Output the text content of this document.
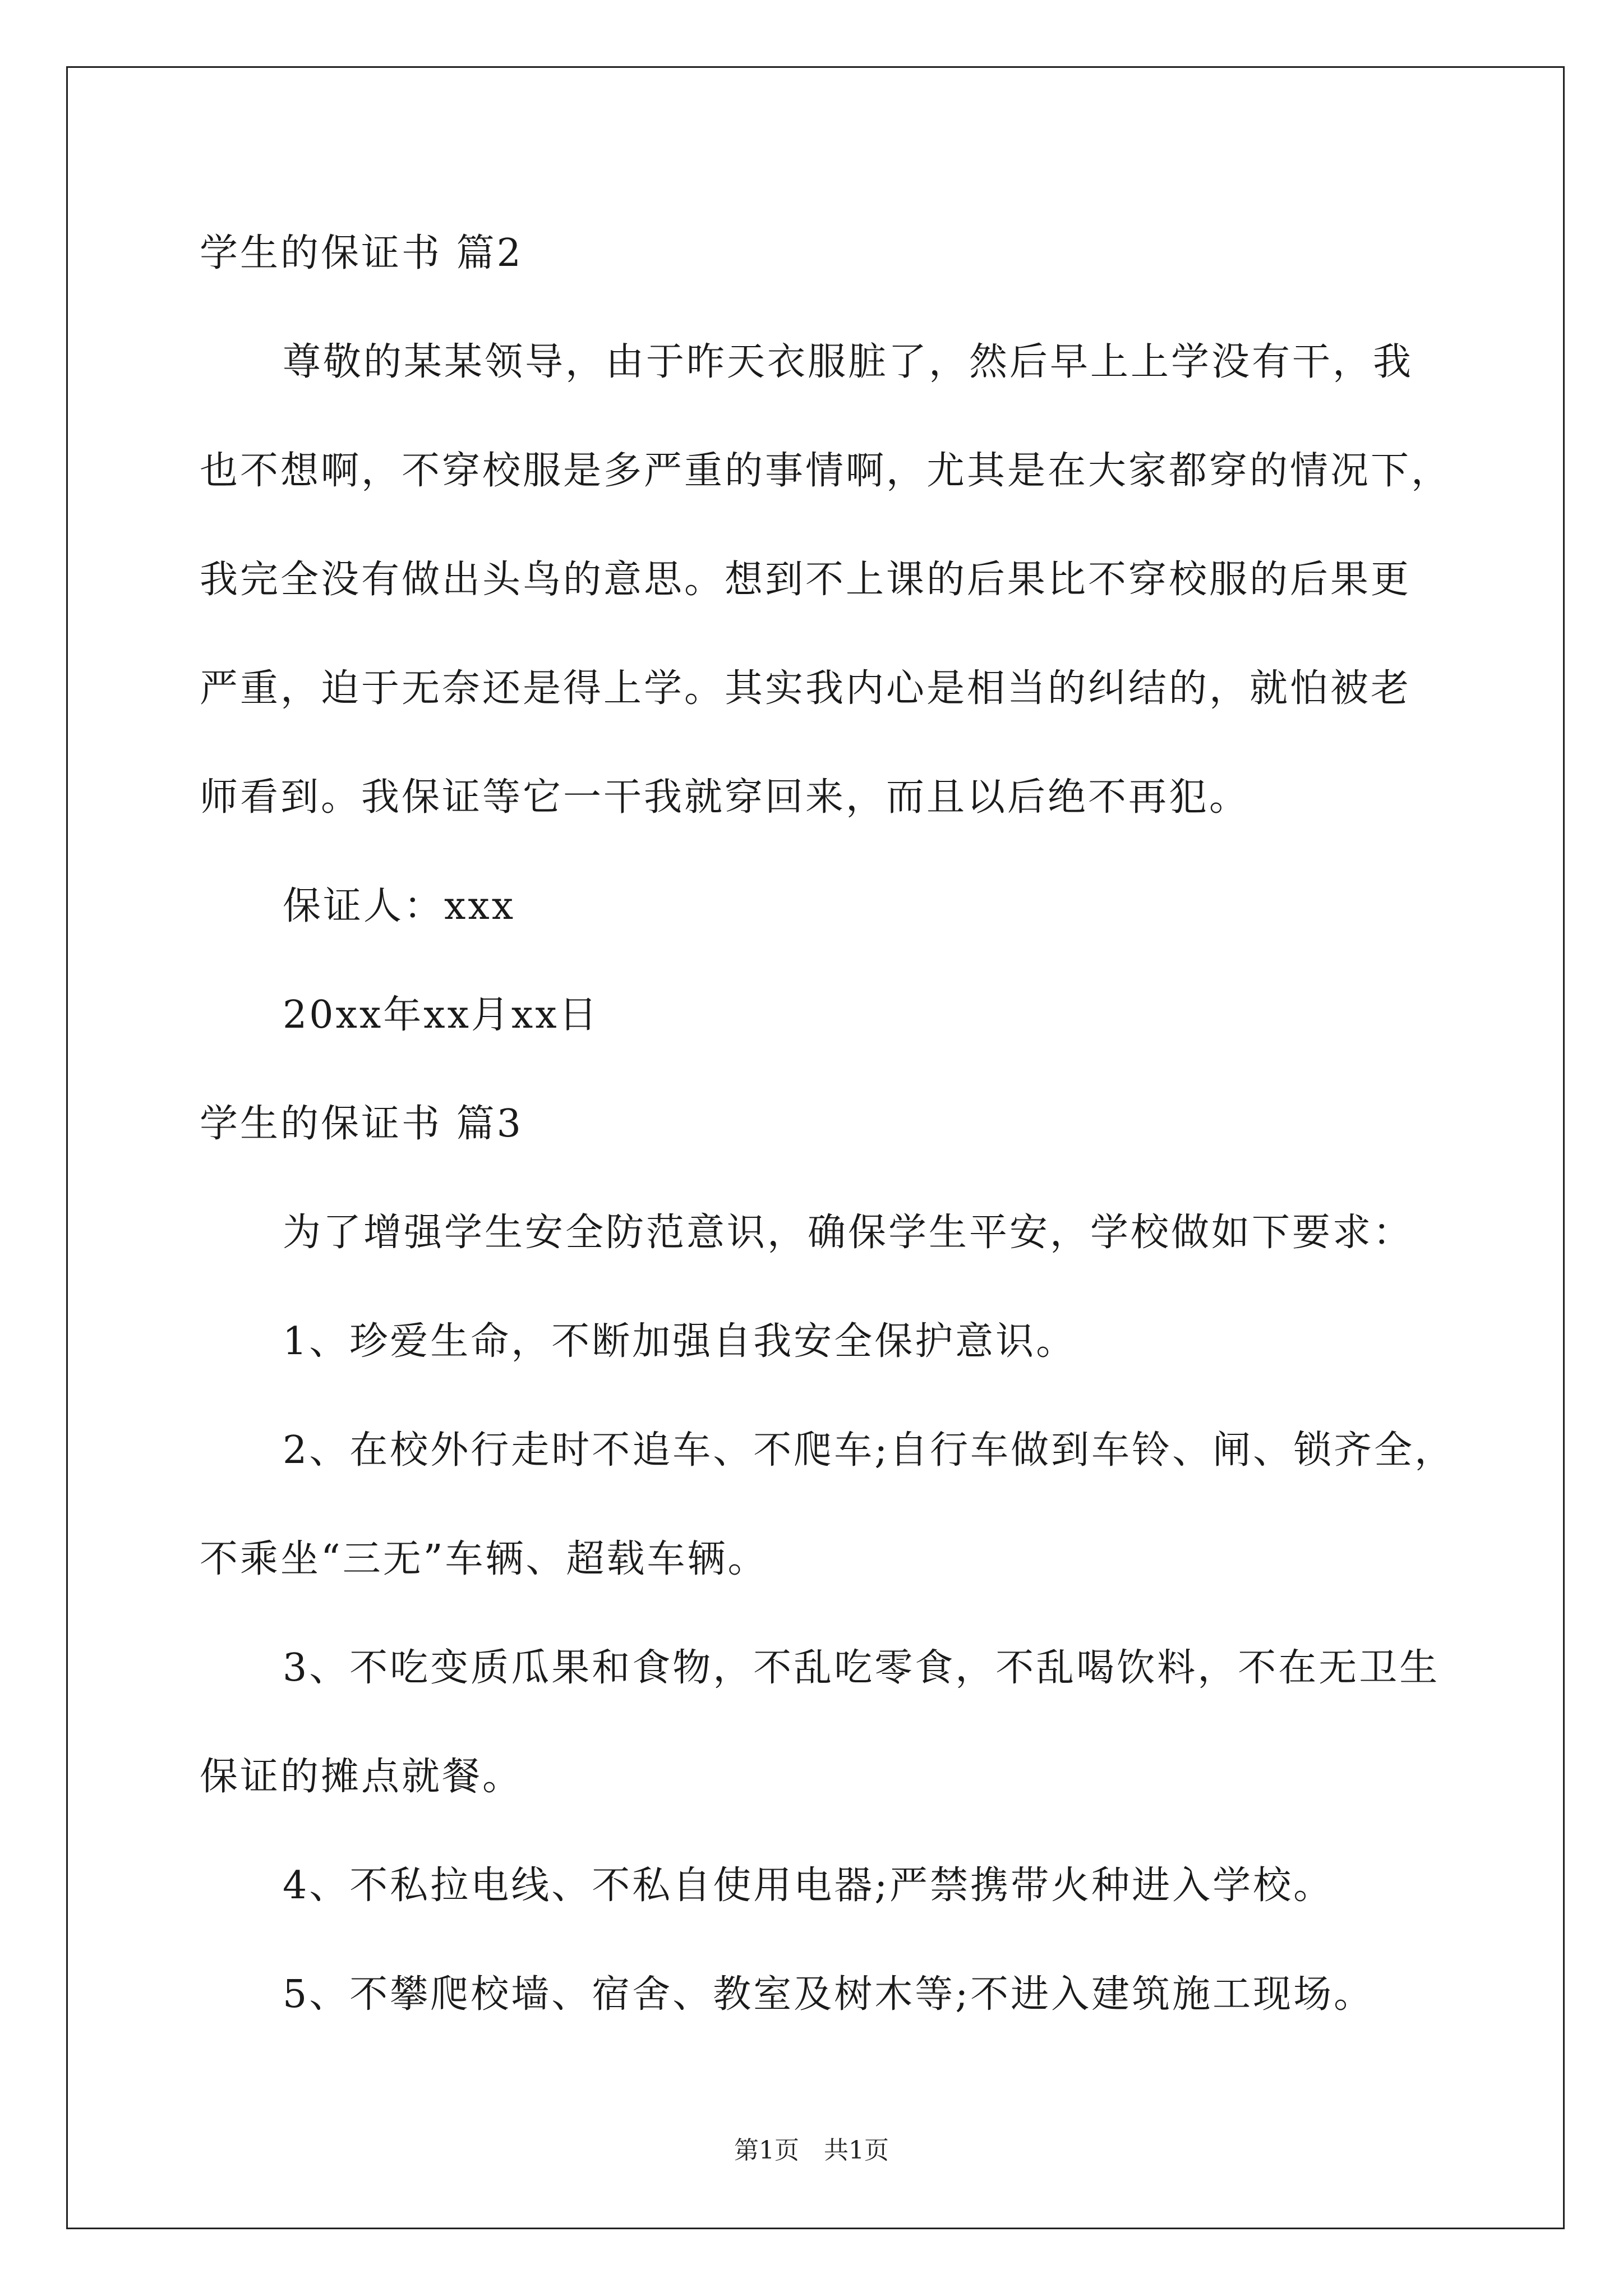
学生的保证书 篇2
尊敬的某某领导，由于昨天衣服脏了，然后早上上学没有干，我
也不想啊，不穿校服是多严重的事情啊，尤其是在大家都穿的情况下，
我完全没有做出头鸟的意思。想到不上课的后果比不穿校服的后果更
严重，迫于无奈还是得上学。其实我内心是相当的纠结的，就怕被老
师看到。我保证等它一干我就穿回来，而且以后绝不再犯。
保证人：xxx
20xx年xx月xx日
学生的保证书 篇3
为了增强学生安全防范意识，确保学生平安，学校做如下要求：
1、珍爱生命，不断加强自我安全保护意识。
2、在校外行走时不追车、不爬车;自行车做到车铃、闸、锁齐全，
不乘坐“三无”车辆、超载车辆。
3、不吃变质瓜果和食物，不乱吃零食，不乱喝饮料，不在无卫生
保证的摊点就餐。
4、不私拉电线、不私自使用电器;严禁携带火种进入学校。
5、不攀爬校墙、宿舍、教室及树木等;不进入建筑施工现场。
第1页　共1页
